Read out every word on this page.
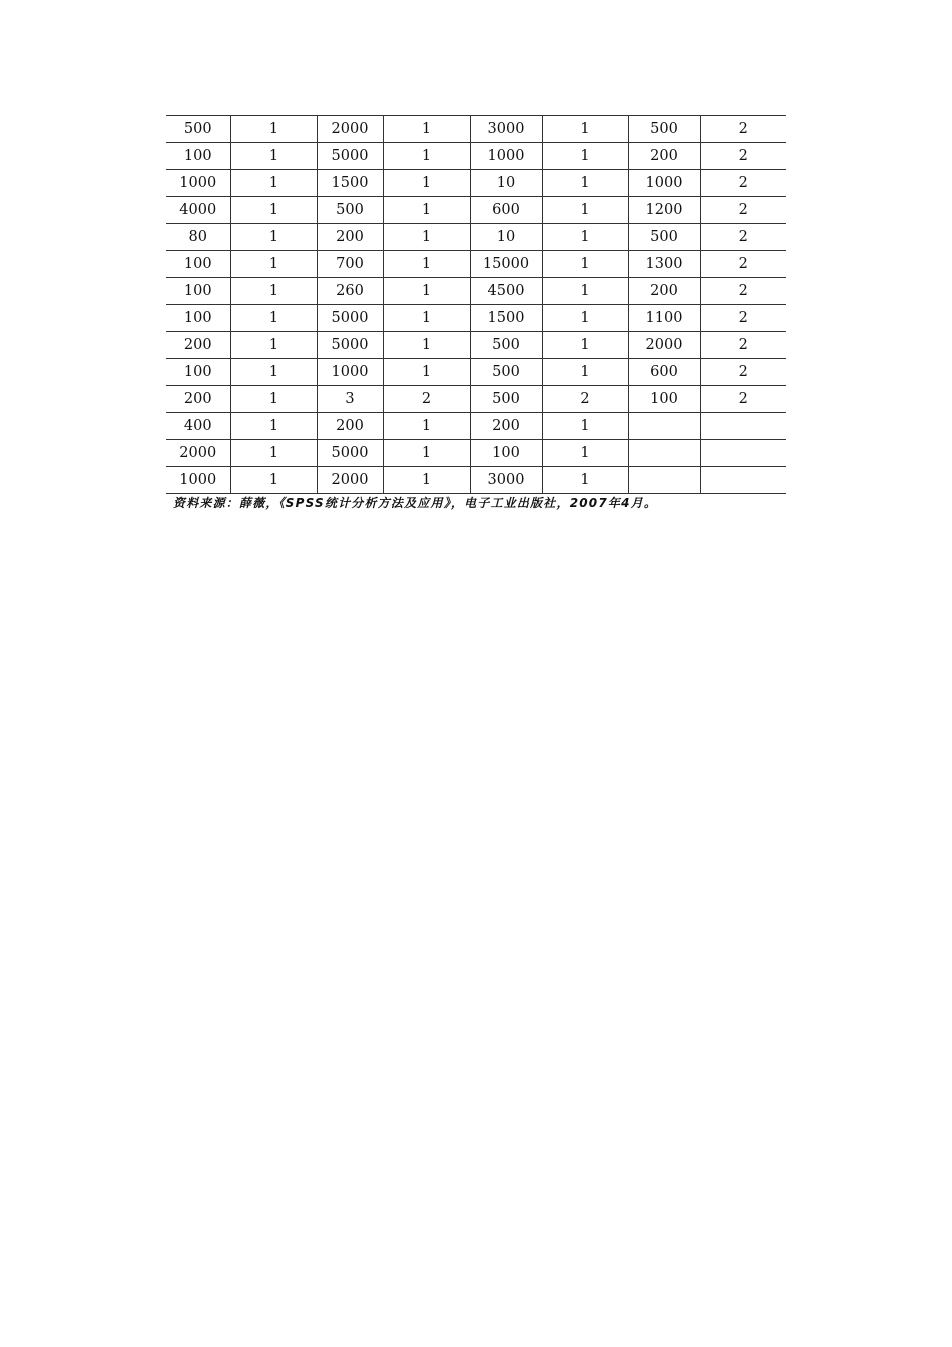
500	1	2000	1	3000	1	500	2
100	1	5000	1	1000	1	200	2
1000	1	1500	1	10	1	1000	2
4000	1	500	1	600	1	1200	2
80	1	200	1	10	1	500	2
100	1	700	1	15000	1	1300	2
100	1	260	1	4500	1	200	2
100	1	5000	1	1500	1	1100	2
200	1	5000	1	500	1	2000	2
100	1	1000	1	500	1	600	2
200	1	3	2	500	2	100	2
400	1	200	1	200	1		
2000	1	5000	1	100	1		
1000	1	2000	1	3000	1		
资料来源：薛薇，《SPSS统计分析方法及应用》，电子工业出版社，2007年4月。
